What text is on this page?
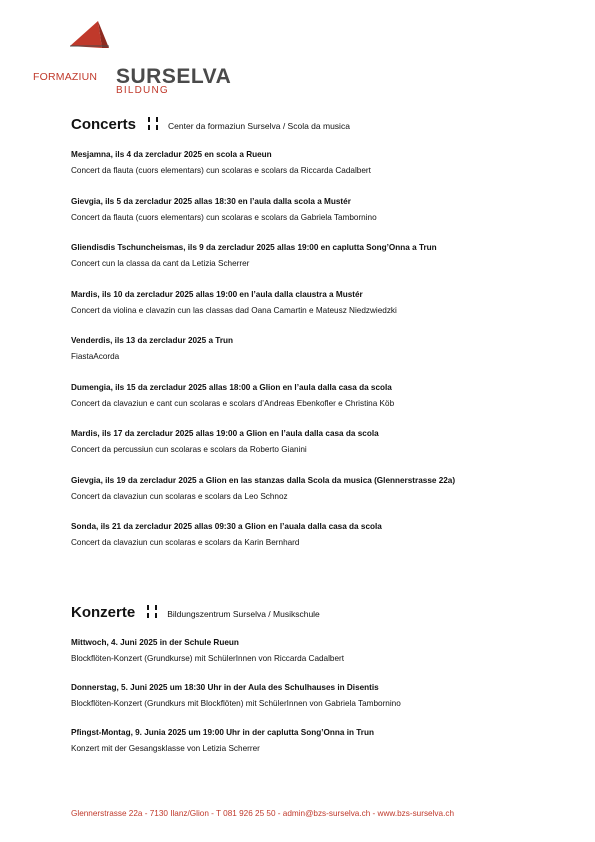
FORMAZIUN SURSELVA
BILDUNG
Concerts	Center da formaziun Surselva / Scola da musica
Mesjamna, ils 4 da zercladur 2025 en scola a Rueun
Concert da flauta (cuors elementars) cun scolaras e scolars da Riccarda Cadalbert
Gievgia, ils 5 da zercladur 2025 allas 18:30 en l’aula dalla scola a Mustér
Concert da flauta (cuors elementars) cun scolaras e scolars da Gabriela Tambornino
Gliendisdis Tschuncheismas, ils 9 da zercladur 2025 allas 19:00 en caplutta Song’Onna a Trun
Concert cun la classa da cant da Letizia Scherrer
Mardis, ils 10 da zercladur 2025 allas 19:00 en l’aula dalla claustra a Mustér
Concert da violina e clavazin cun las classas dad Oana Camartin e Mateusz Niedzwiedzki
Venderdis, ils 13 da zercladur 2025 a Trun
FiastaAcorda
Dumengia, ils 15 da zercladur 2025 allas 18:00 a Glion en l’aula dalla casa da scola
Concert da clavaziun e cant cun scolaras e scolars d’Andreas Ebenkofler e Christina Köb
Mardis, ils 17 da zercladur 2025 allas 19:00 a Glion en l’aula dalla casa da scola
Concert da percussiun cun scolaras e scolars da Roberto Gianini
Gievgia, ils 19 da zercladur 2025 a Glion en las stanzas dalla Scola da musica (Glennerstrasse 22a)
Concert da clavaziun cun scolaras e scolars da Leo Schnoz
Sonda, ils 21 da zercladur 2025 allas 09:30 a Glion en l’auala dalla casa da scola
Concert da clavaziun cun scolaras e scolars da Karin Bernhard
Konzerte	Bildungszentrum Surselva / Musikschule
Mittwoch, 4. Juni 2025 in der Schule Rueun
Blockflöten-Konzert (Grundkurse) mit SchülerInnen von Riccarda Cadalbert
Donnerstag, 5. Juni 2025 um 18:30 Uhr in der Aula des Schulhauses in Disentis
Blockflöten-Konzert (Grundkurs mit Blockflöten) mit SchülerInnen von Gabriela Tambornino
Pfingst-Montag, 9. Junia 2025 um 19:00 Uhr in der caplutta Song’Onna in Trun
Konzert mit der Gesangsklasse von Letizia Scherrer
Glennerstrasse 22a - 7130 Ilanz/Glion - T 081 926 25 50 - admin@bzs-surselva.ch - www.bzs-surselva.ch
